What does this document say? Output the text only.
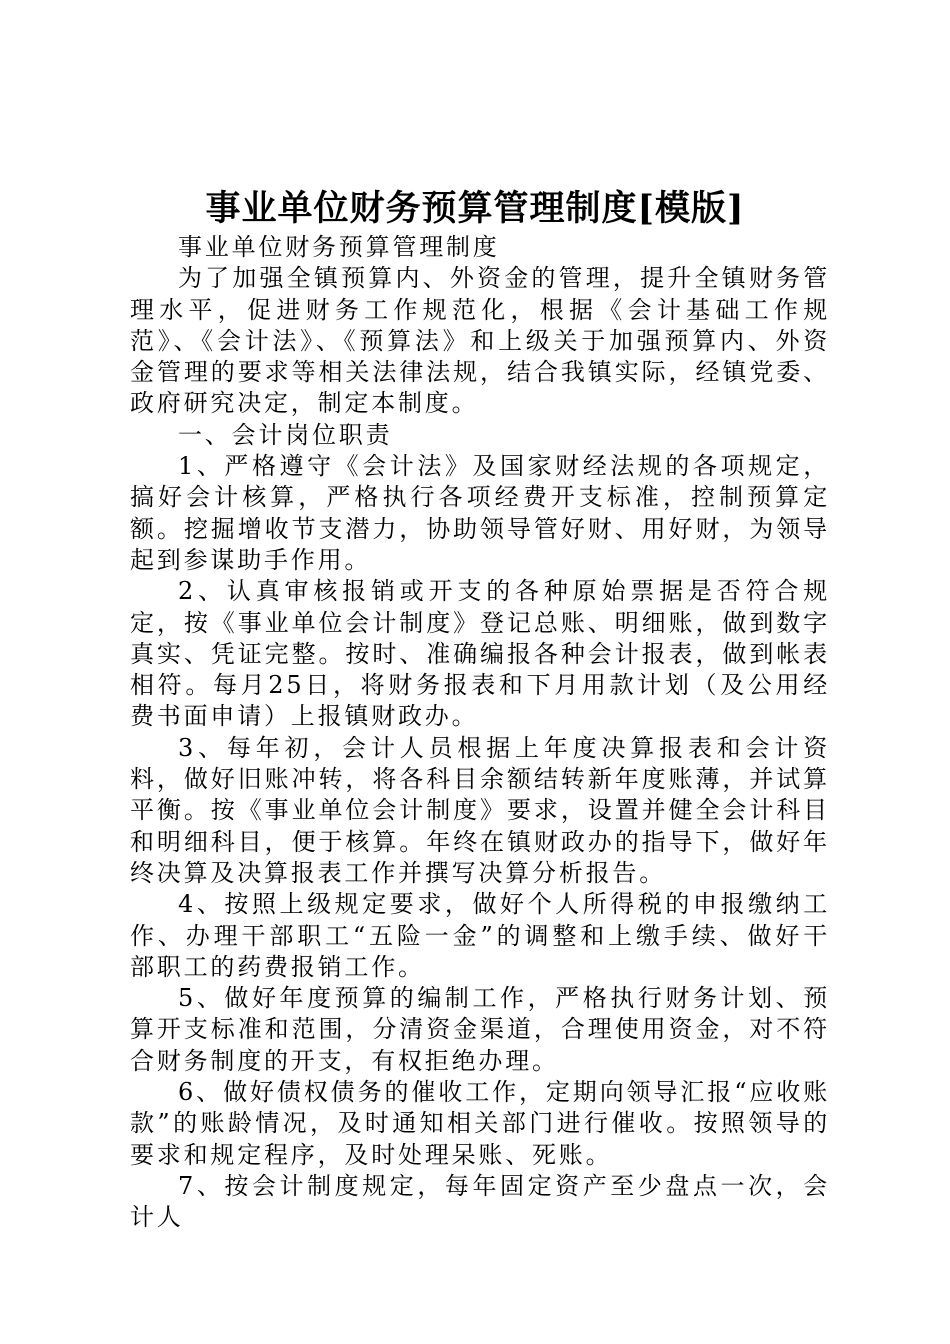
事业单位财务预算管理制度[模版]

事业单位财务预算管理制度

为了加强全镇预算内、外资金的管理，提升全镇财务管理水平，促进财务工作规范化，根据《会计基础工作规范》、《会计法》、《预算法》和上级关于加强预算内、外资金管理的要求等相关法律法规，结合我镇实际，经镇党委、政府研究决定，制定本制度。

一、会计岗位职责

1、严格遵守《会计法》及国家财经法规的各项规定，搞好会计核算，严格执行各项经费开支标准，控制预算定额。挖掘增收节支潜力，协助领导管好财、用好财，为领导起到参谋助手作用。

2、认真审核报销或开支的各种原始票据是否符合规定，按《事业单位会计制度》登记总账、明细账，做到数字真实、凭证完整。按时、准确编报各种会计报表，做到帐表相符。每月25日，将财务报表和下月用款计划（及公用经费书面申请）上报镇财政办。

3、每年初，会计人员根据上年度决算报表和会计资料，做好旧账冲转，将各科目余额结转新年度账薄，并试算平衡。按《事业单位会计制度》要求，设置并健全会计科目和明细科目，便于核算。年终在镇财政办的指导下，做好年终决算及决算报表工作并撰写决算分析报告。

4、按照上级规定要求，做好个人所得税的申报缴纳工作、办理干部职工“五险一金”的调整和上缴手续、做好干部职工的药费报销工作。

5、做好年度预算的编制工作，严格执行财务计划、预算开支标准和范围，分清资金渠道，合理使用资金，对不符合财务制度的开支，有权拒绝办理。

6、做好债权债务的催收工作，定期向领导汇报“应收账款”的账龄情况，及时通知相关部门进行催收。按照领导的要求和规定程序，及时处理呆账、死账。

7、按会计制度规定，每年固定资产至少盘点一次，会计人
